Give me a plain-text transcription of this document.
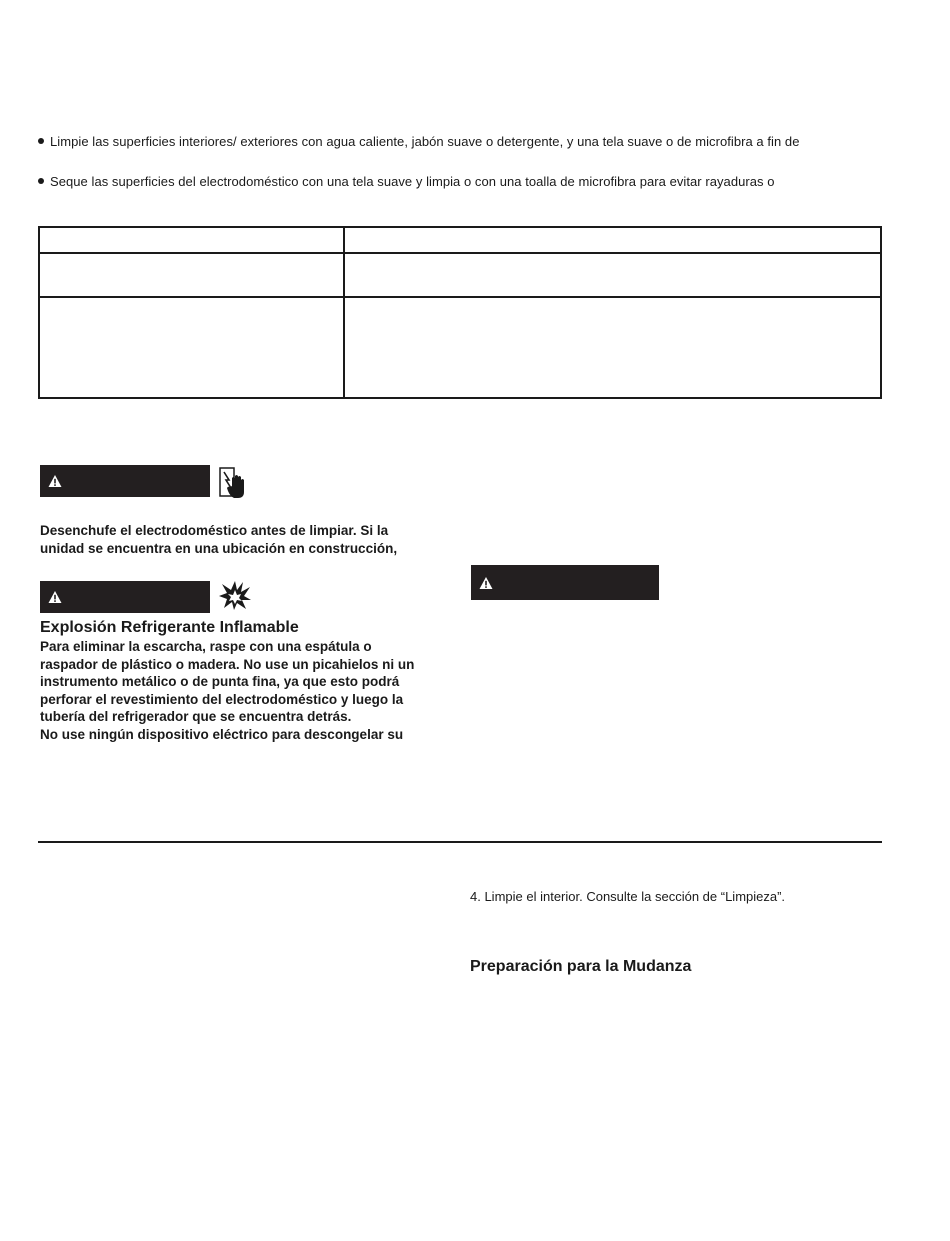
Limpie las superficies interiores/ exteriores con agua caliente, jabón suave o detergente, y una tela suave o de microfibra a fin de
Seque las superficies del electrodoméstico con una tela suave y limpia o con una toalla de microfibra para evitar rayaduras o

Desenchufe el electrodoméstico antes de limpiar. Si la
unidad se encuentra en una ubicación en construcción,
Explosión Refrigerante Inflamable
Para eliminar la escarcha, raspe con una espátula o
raspador de plástico o madera. No use un picahielos ni un
instrumento metálico o de punta fina, ya que esto podrá
perforar el revestimiento del electrodoméstico y luego la
tubería del refrigerador que se encuentra detrás.
No use ningún dispositivo eléctrico para descongelar su
4. Limpie el interior. Consulte la sección de “Limpieza”.
Preparación para la Mudanza
